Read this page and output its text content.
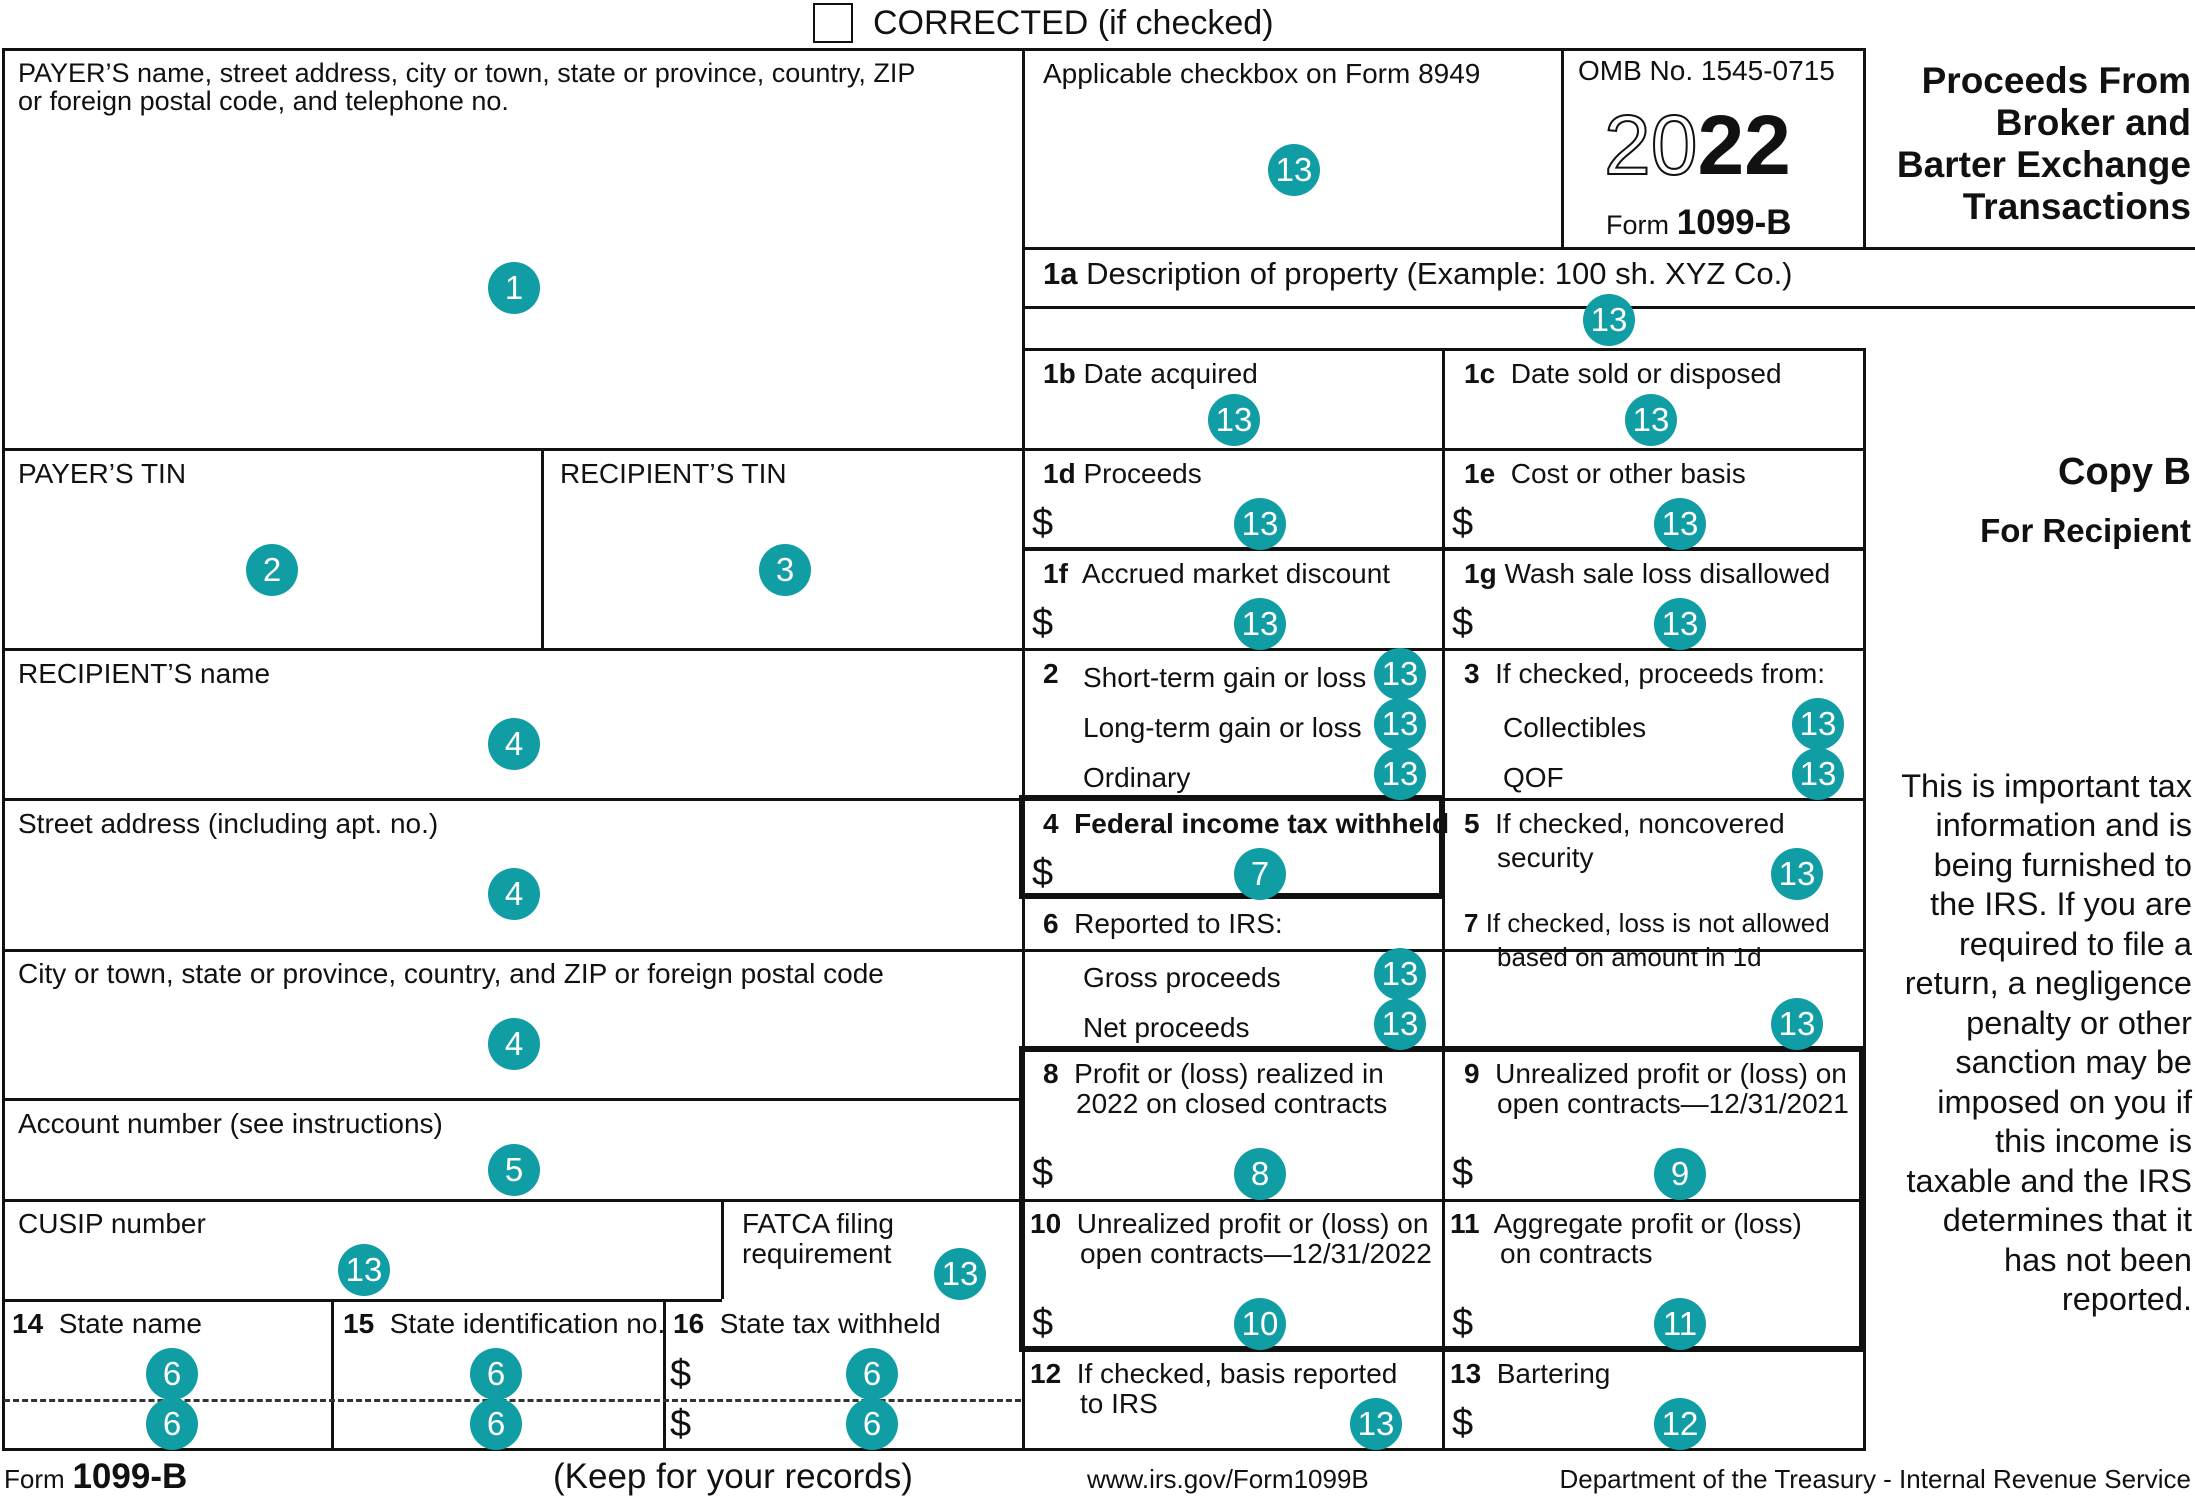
CORRECTED (if checked)
PAYER’S name, street address, city or town, state or province, country, ZIP
or foreign postal code, and telephone no.
1
Applicable checkbox on Form 8949
13
OMB No. 1545-0715
2022
Form 1099-B
Proceeds From
Broker and
Barter Exchange
Transactions
1a Description of property (Example: 100 sh. XYZ Co.)
13
1b Date acquired
13
1c Date sold or disposed
13
PAYER’S TIN
2
RECIPIENT’S TIN
3
1d Proceeds
$	13
1e Cost or other basis
$	13
Copy B
For Recipient
1f Accrued market discount
$	13
1g Wash sale loss disallowed
$	13
RECIPIENT’S name
4
2 Short-term gain or loss 13
Long-term gain or loss 13
Ordinary	13
3 If checked, proceeds from:
Collectibles	13
QOF	13
Street address (including apt. no.)
4
4 Federal income tax withheld
$	7
5 If checked, noncovered
security	13
City or town, state or province, country, and ZIP or foreign postal code
4
6 Reported to IRS:
Gross proceeds	13
Net proceeds	13
7 If checked, loss is not allowed
based on amount in 1d
13
Account number (see instructions)
5
8 Profit or (loss) realized in
2022 on closed contracts
$	8
9 Unrealized profit or (loss) on
open contracts—12/31/2021
$	9
CUSIP number
13
FATCA filing
requirement
13
10 Unrealized profit or (loss) on
open contracts—12/31/2022
$	10
11 Aggregate profit or (loss)
on contracts
$	11
14 State name
6
6
15 State identification no.
6
6
16 State tax withheld
$
$
6
6
12 If checked, basis reported
to IRS
13
13 Bartering
$	12
This is important tax
information and is
being furnished to
the IRS. If you are
required to file a
return, a negligence
penalty or other
sanction may be
imposed on you if
this income is
taxable and the IRS
determines that it
has not been
reported.
Form 1099-B	(Keep for your records)	www.irs.gov/Form1099B	Department of the Treasury - Internal Revenue Service
